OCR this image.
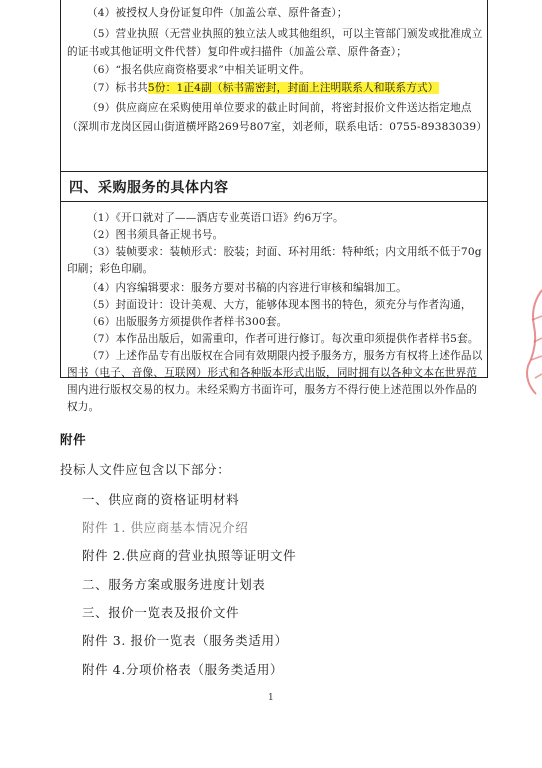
（4）被授权人身份证复印件（加盖公章、原件备查）；
（5）营业执照（无营业执照的独立法人或其他组织，可以主管部门颁发或批准成立
的证书或其他证明文件代替）复印件或扫描件（加盖公章、原件备查）；
（6）“报名供应商资格要求”中相关证明文件。
（7）标书共5份：1正4副（标书需密封，封面上注明联系人和联系方式）
（9）供应商应在采购使用单位要求的截止时间前，将密封报价文件送达指定地点
（深圳市龙岗区园山街道横坪路269号807室，刘老师，联系电话：0755-89383039）
四、采购服务的具体内容
（1）《开口就对了——酒店专业英语口语》约6万字。
（2）图书须具备正规书号。
（3）装帧要求：装帧形式：胶装；封面、环衬用纸：特种纸；内文用纸不低于70g
印刷；彩色印刷。
（4）内容编辑要求：服务方要对书稿的内容进行审核和编辑加工。
（5）封面设计：设计美观、大方，能够体现本图书的特色，须充分与作者沟通，
（6）出版服务方须提供作者样书300套。
（7）本作品出版后，如需重印，作者可进行修订。每次重印须提供作者样书5套。
（7）上述作品专有出版权在合同有效期限内授予服务方，服务方有权将上述作品以
图书（电子、音像、互联网）形式和各种版本形式出版，同时拥有以各种文本在世界范
围内进行版权交易的权力。未经采购方书面许可，服务方不得行使上述范围以外作品的
权力。
附件
投标人文件应包含以下部分：
一、供应商的资格证明材料
附件 1. 供应商基本情况介绍
附件 2.供应商的营业执照等证明文件
二、服务方案或服务进度计划表
三、报价一览表及报价文件
附件 3. 报价一览表（服务类适用）
附件 4.分项价格表（服务类适用）
1
